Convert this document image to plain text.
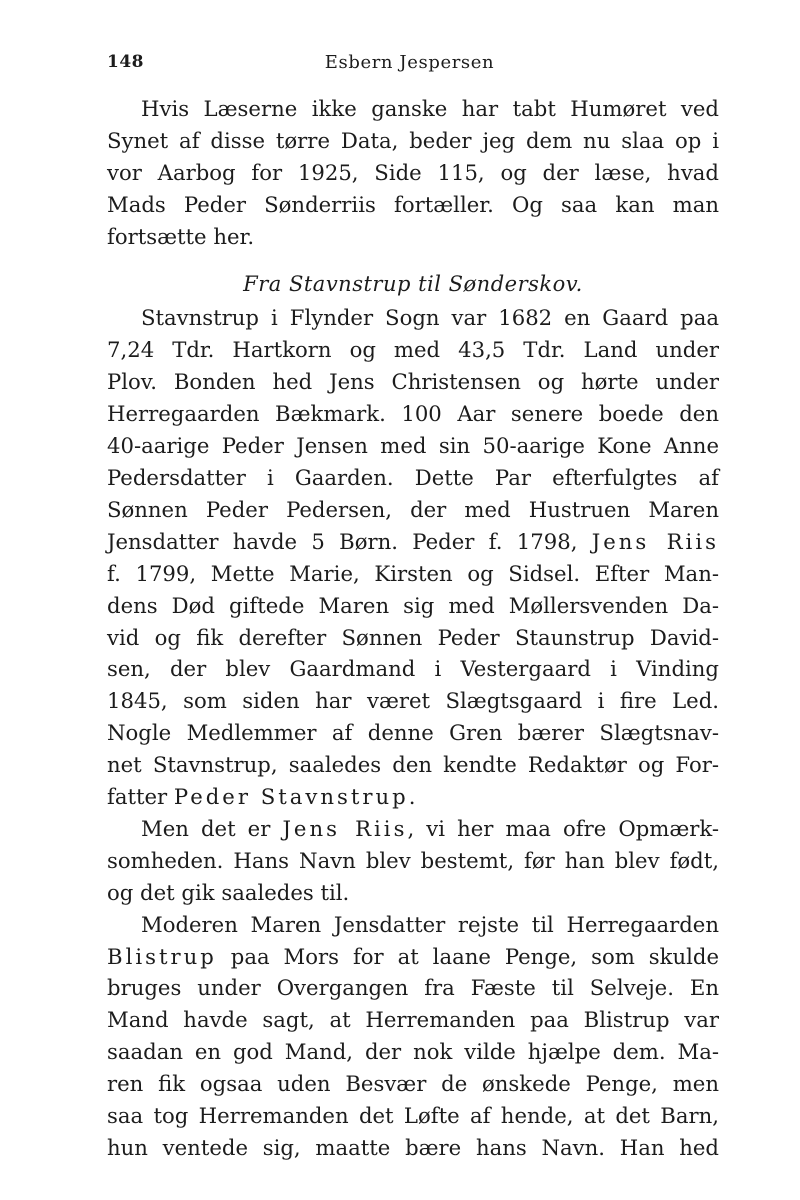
148	Esbern Jespersen
Hvis Læserne ikke ganske har tabt Humøret ved
Synet af disse tørre Data, beder jeg dem nu slaa op i
vor Aarbog for 1925, Side 115, og der læse, hvad
Mads Peder Sønderriis fortæller. Og saa kan man
fortsætte her.
Fra Stavnstrup til Sønderskov.
Stavnstrup i Flynder Sogn var 1682 en Gaard paa
7,24 Tdr. Hartkorn og med 43,5 Tdr. Land under
Plov. Bonden hed Jens Christensen og hørte under
Herregaarden Bækmark. 100 Aar senere boede den
40-aarige Peder Jensen med sin 50-aarige Kone Anne
Pedersdatter i Gaarden. Dette Par efterfulgtes af
Sønnen Peder Pedersen, der med Hustruen Maren
Jensdatter havde 5 Børn. Peder f. 1798, Jens Riis
f. 1799, Mette Marie, Kirsten og Sidsel. Efter Man-
dens Død giftede Maren sig med Møllersvenden Da-
vid og fik derefter Sønnen Peder Staunstrup David-
sen, der blev Gaardmand i Vestergaard i Vinding
1845, som siden har været Slægtsgaard i fire Led.
Nogle Medlemmer af denne Gren bærer Slægtsnav-
net Stavnstrup, saaledes den kendte Redaktør og For-
fatter Peder Stavnstrup.
Men det er Jens Riis, vi her maa ofre Opmærk-
somheden. Hans Navn blev bestemt, før han blev født,
og det gik saaledes til.
Moderen Maren Jensdatter rejste til Herregaarden
Blistrup paa Mors for at laane Penge, som skulde
bruges under Overgangen fra Fæste til Selveje. En
Mand havde sagt, at Herremanden paa Blistrup var
saadan en god Mand, der nok vilde hjælpe dem. Ma-
ren fik ogsaa uden Besvær de ønskede Penge, men
saa tog Herremanden det Løfte af hende, at det Barn,
hun ventede sig, maatte bære hans Navn. Han hed
